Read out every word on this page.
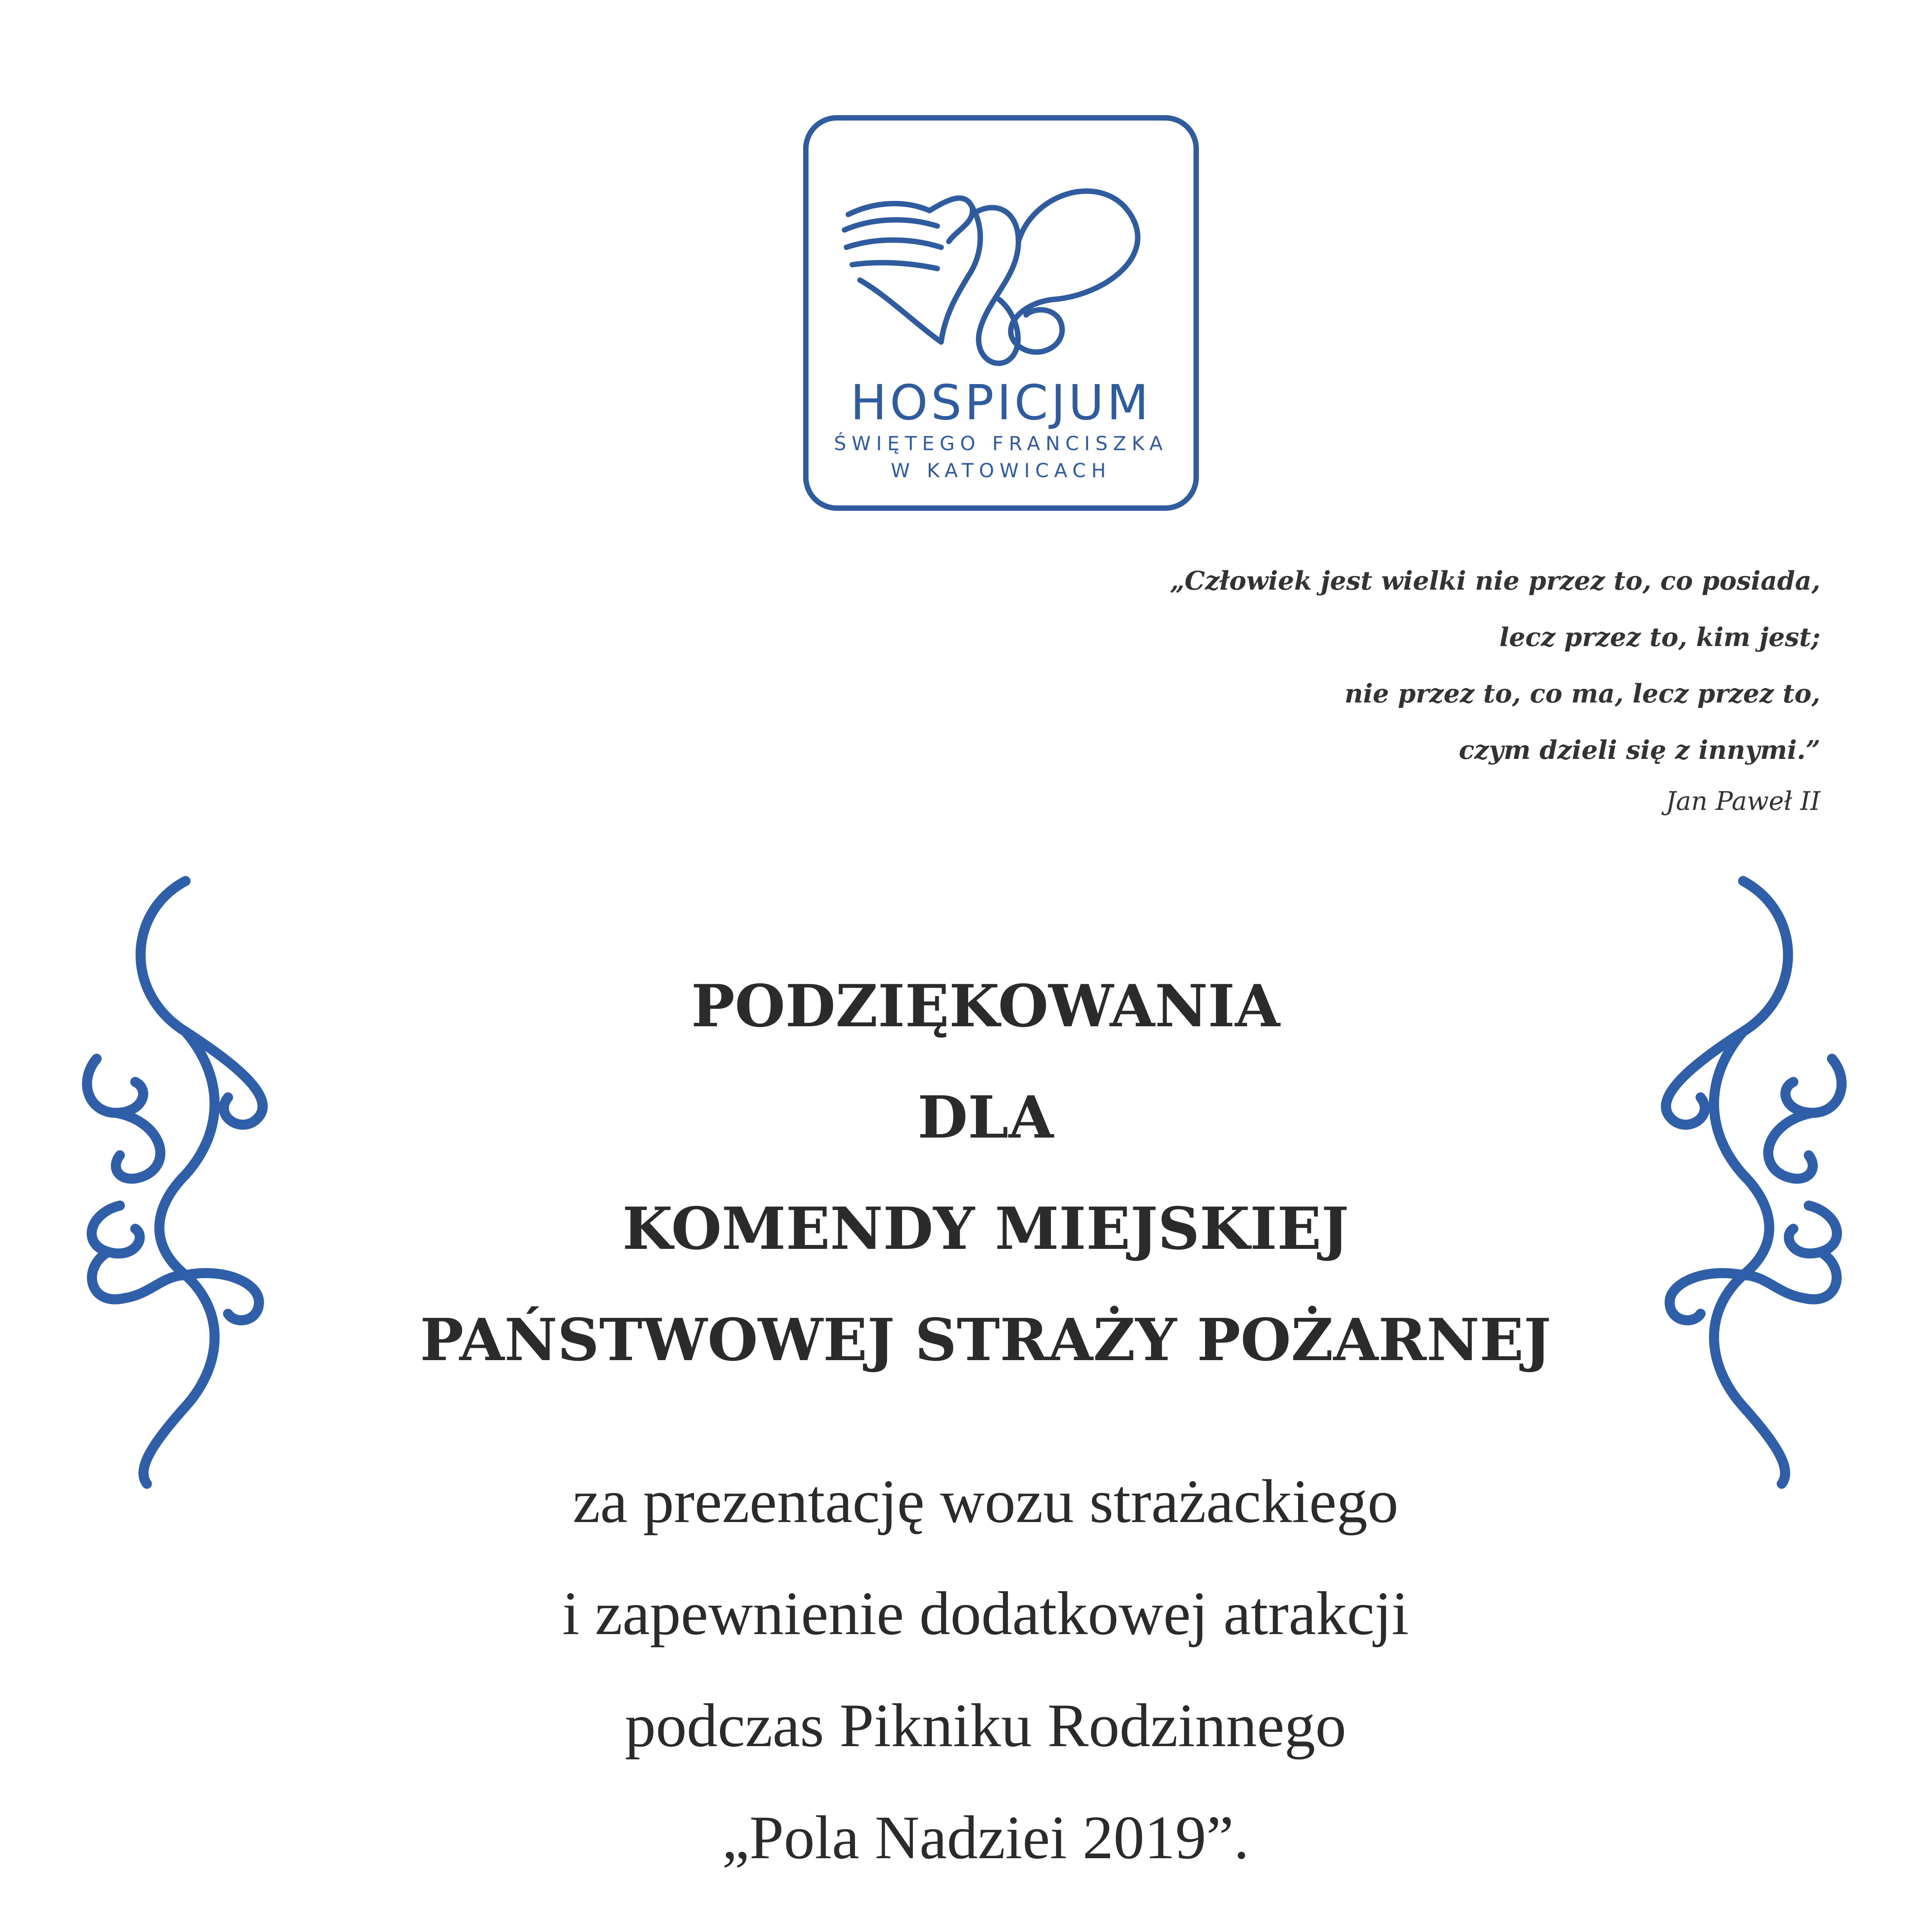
HOSPICJUM
ŚWIĘTEGO FRANCISZKA
W KATOWICACH
„Człowiek jest wielki nie przez to, co posiada,
lecz przez to, kim jest;
nie przez to, co ma, lecz przez to,
czym dzieli się z innymi.”
Jan Paweł II
PODZIĘKOWANIA
DLA
KOMENDY MIEJSKIEJ
PAŃSTWOWEJ STRAŻY POŻARNEJ
za prezentację wozu strażackiego
i zapewnienie dodatkowej atrakcji
podczas Pikniku Rodzinnego
„Pola Nadziei 2019”.
